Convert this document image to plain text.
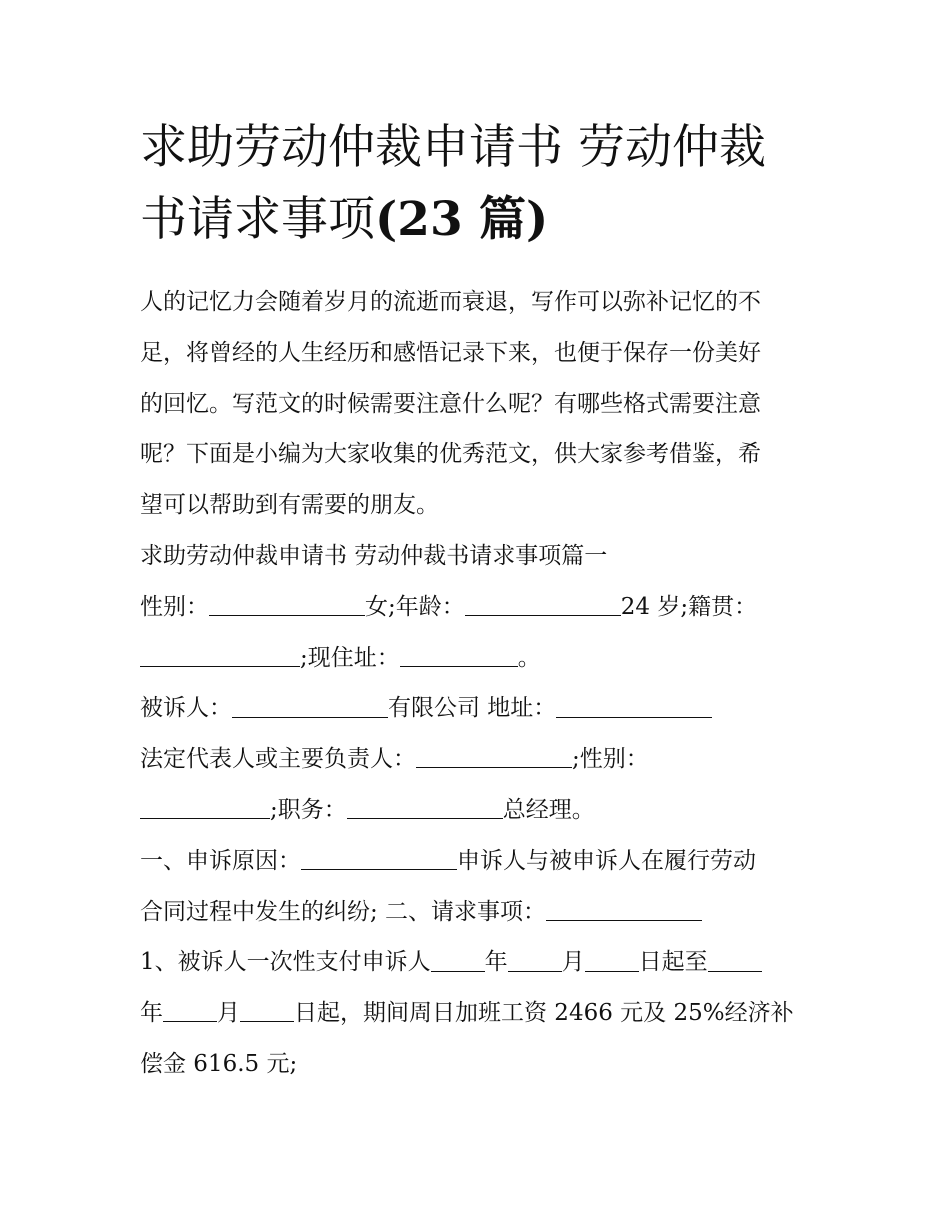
求助劳动仲裁申请书 劳动仲裁
书请求事项(23 篇)

人的记忆力会随着岁月的流逝而衰退，写作可以弥补记忆的不
足，将曾经的人生经历和感悟记录下来，也便于保存一份美好
的回忆。写范文的时候需要注意什么呢？有哪些格式需要注意
呢？下面是小编为大家收集的优秀范文，供大家参考借鉴，希
望可以帮助到有需要的朋友。

求助劳动仲裁申请书 劳动仲裁书请求事项篇一

性别：	女;年龄：	24 岁;籍贯：
;现住址：	。
被诉人：	有限公司 地址：
法定代表人或主要负责人：	;性别：
;职务：	总经理。
一、申诉原因：	申诉人与被申诉人在履行劳动
合同过程中发生的纠纷; 二、请求事项：
1、被诉人一次性支付申诉人 年 月 日起至
年 月 日起，期间周日加班工资 2466 元及 25%经济补
偿金 616.5 元;
